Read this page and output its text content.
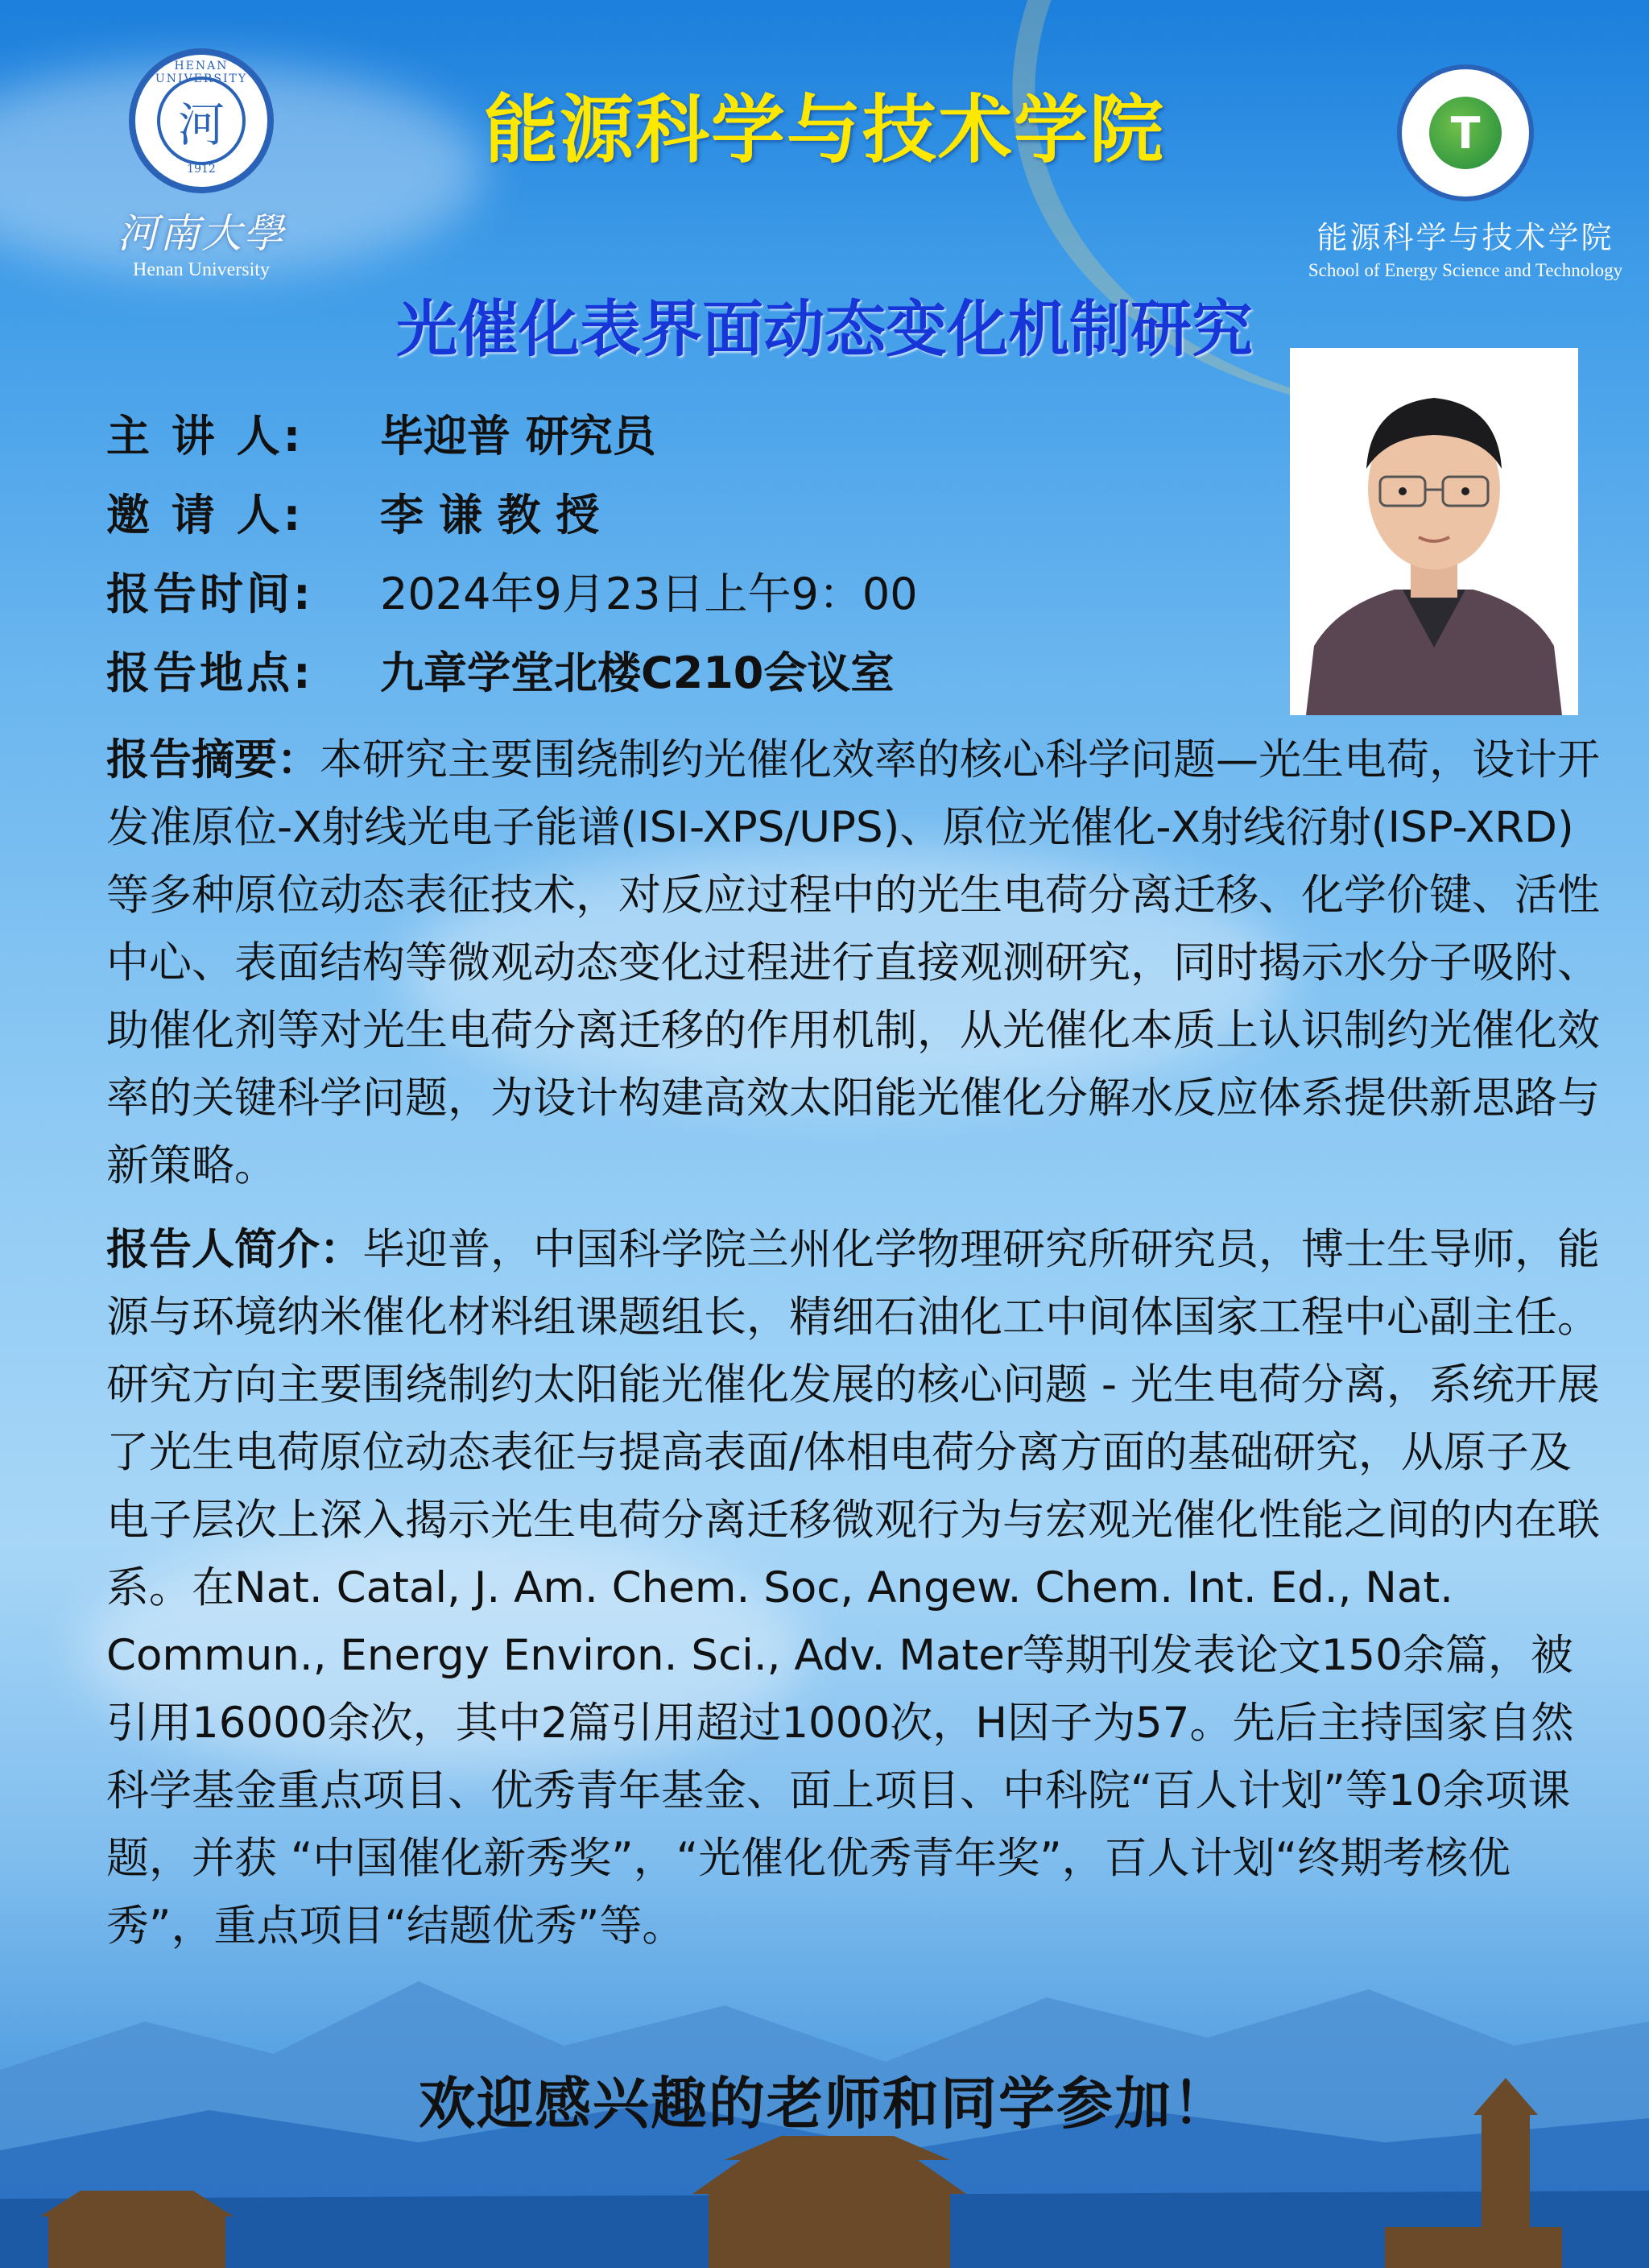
HENAN UNIVERSITY
河
1912
河南大學
Henan University
T
能源科学与技术学院
School of Energy Science and Technology
能源科学与技术学院
光催化表界面动态变化机制研究
主 讲 人:	毕迎普 研究员
邀 请 人:	李 谦 教 授
报告时间:	2024年9月23日上午9：00
报告地点:	九章学堂北楼C210会议室
报告摘要：本研究主要围绕制约光催化效率的核心科学问题—光生电荷，设计开发准原位-X射线光电子能谱(ISI-XPS/UPS)、原位光催化-X射线衍射(ISP-XRD)等多种原位动态表征技术，对反应过程中的光生电荷分离迁移、化学价键、活性中心、表面结构等微观动态变化过程进行直接观测研究，同时揭示水分子吸附、助催化剂等对光生电荷分离迁移的作用机制，从光催化本质上认识制约光催化效率的关键科学问题，为设计构建高效太阳能光催化分解水反应体系提供新思路与新策略。
报告人简介：毕迎普，中国科学院兰州化学物理研究所研究员，博士生导师，能源与环境纳米催化材料组课题组长，精细石油化工中间体国家工程中心副主任。研究方向主要围绕制约太阳能光催化发展的核心问题 - 光生电荷分离，系统开展了光生电荷原位动态表征与提高表面/体相电荷分离方面的基础研究，从原子及电子层次上深入揭示光生电荷分离迁移微观行为与宏观光催化性能之间的内在联系。在Nat. Catal, J. Am. Chem. Soc, Angew. Chem. Int. Ed., Nat. Commun., Energy Environ. Sci., Adv. Mater等期刊发表论文150余篇，被引用16000余次，其中2篇引用超过1000次，H因子为57。先后主持国家自然科学基金重点项目、优秀青年基金、面上项目、中科院“百人计划”等10余项课题，并获 “中国催化新秀奖”，“光催化优秀青年奖”，百人计划“终期考核优秀”，重点项目“结题优秀”等。
欢迎感兴趣的老师和同学参加！
